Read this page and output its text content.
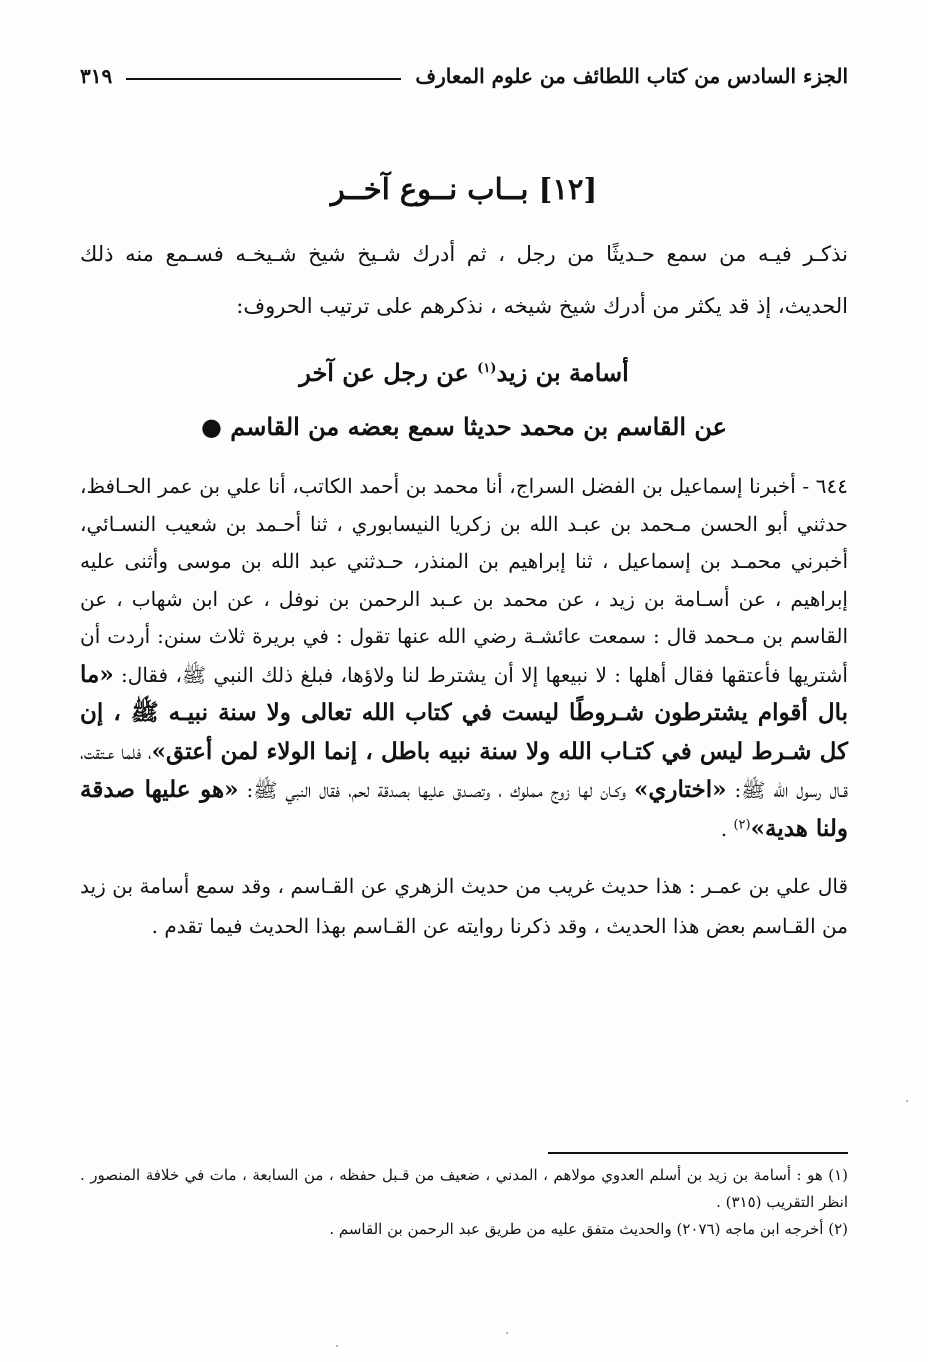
الجزء السادس من كتاب اللطائف من علوم المعارف
٣١٩
[١٢] بــاب نــوع آخــر

نذكـر فيـه من سمع حـديثًا من رجل ، ثم أدرك شـيخ شيخ شـيخـه فسـمع منه ذلك الحديث، إذ قد يكثر من أدرك شيخ شيخه ، نذكرهم على ترتيب الحروف:

أسامة بن زيد$^{(١)}$ عن رجل عن آخر
عن القاسم بن محمد حديثا سمع بعضه من القاسم ●

٦٤٤ - أخبرنا إسماعيل بن الفضل السراج، أنا محمد بن أحمد الكاتب، أنا علي بن عمر الحـافظ، حدثني أبو الحسن مـحمد بن عبـد الله بن زكريا النيسابوري ، ثنا أحـمد بن شعيب النسـائي، أخبرني محمـد بن إسماعيل ، ثنا إبراهيم بن المنذر، حـدثني عبد الله بن موسى وأثنى عليه إبراهيم ، عن أسـامة بن زيد ، عن محمد بن عـبد الرحمن بن نوفل ، عن ابن شهاب ، عن القاسم بن مـحمد قال : سمعت عائشـة رضي الله عنها تقول : في بريرة ثلاث سنن: أردت أن أشتريها فأعتقها فقال أهلها : لا نبيعها إلا أن يشترط لنا ولاؤها، فبلغ ذلك النبي ﷺ، فقال: «ما بال أقوام يشترطون شـروطًا ليست في كتاب الله تعالى ولا سنة نبيـه ﷺ ، إن كل شـرط ليس في كتـاب الله ولا سنة نبيه باطل ، إنما الولاء لمن أعتق»، فلما عـتقت، قـال رسول الله ﷺ: «اختاري» وكـان لها زوج مملوك ، وتصـدق عليها بصدقة لحم، فقال النبي ﷺ: «هو عليها صدقة ولنا هدية»$^{(٢)}$ .

قال علي بن عمـر : هذا حديث غريب من حديث الزهري عن القـاسم ، وقد سمع أسامة بن زيد من القـاسم بعض هذا الحديث ، وقد ذكرنا روايته عن القـاسم بهذا الحديث فيما تقدم .

(١) هو : أسامة بن زيد بن أسلم العدوي مولاهم ، المدني ، ضعيف من قـبل حفظه ، من السابعة ، مات في خلافة المنصور . انظر التقريب (٣١٥) .

(٢) أخرجه ابن ماجه (٢٠٧٦) والحديث متفق عليه من طريق عبد الرحمن بن القاسم .
